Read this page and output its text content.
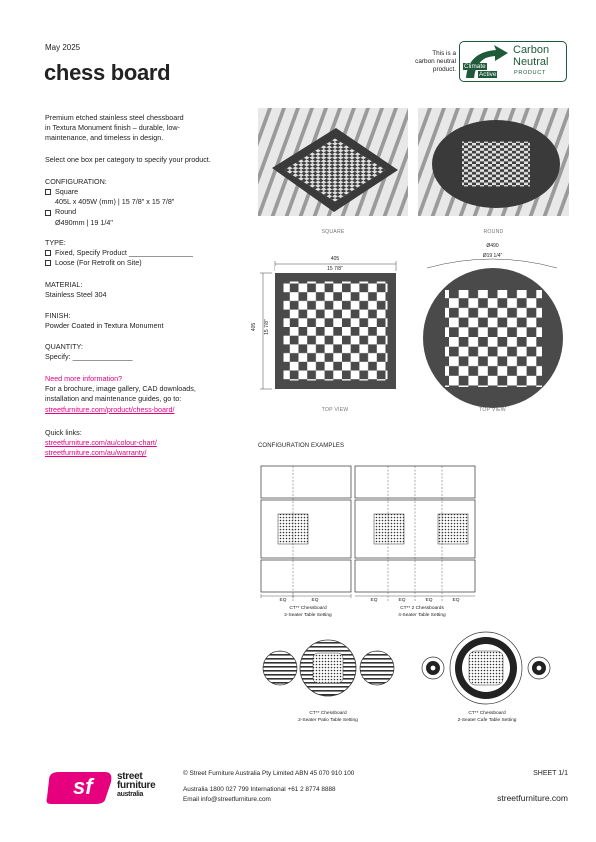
May 2025
chess board
This is a
carbon neutral
product. Climate
Active
Carbon
Neutral
PRODUCT
Premium etched stainless steel chessboard
in Textura Monument finish – durable, low-
maintenance, and timeless in design.
Select one box per category to specify your product.
CONFIGURATION:
Square
405L x 405W (mm) | 15 7/8" x 15 7/8"
Round
Ø490mm | 19 1/4"
TYPE:
Fixed, Specify Product ________________
Loose (For Retrofit on Site)
MATERIAL:
Stainless Steel 304
FINISH:
Powder Coated in Textura Monument
QUANTITY:
Specify: _______________
Need more information?
For a brochure, image gallery, CAD downloads,
installation and maintenance guides, go to:
streetfurniture.com/product/chess-board/
Quick links:
streetfurniture.com/au/colour-chart/
streetfurniture.com/au/warranty/
SQUARE	ROUND
405
15 7/8"
405 15 7/8"
Ø490
Ø19 1/4"
TOP VIEW	TOP VIEW
CONFIGURATION EXAMPLES
EQ	EQ	EQ	EQ	EQ	EQ
CT** Chessboard
2-Seater Table Setting
CT** 2 Chessboards
4-Seater Table Setting
CT** Chessboard
2-Seater Patio Table Setting
CT** Chessboard
2-Seater Cafe Table Setting
sf street
furniture
australia
© Street Furniture Australia Pty Limited ABN 45 070 910 100
Australia 1800 027 799 International +61 2 8774 8888
Email info@streetfurniture.com
SHEET 1/1
streetfurniture.com
